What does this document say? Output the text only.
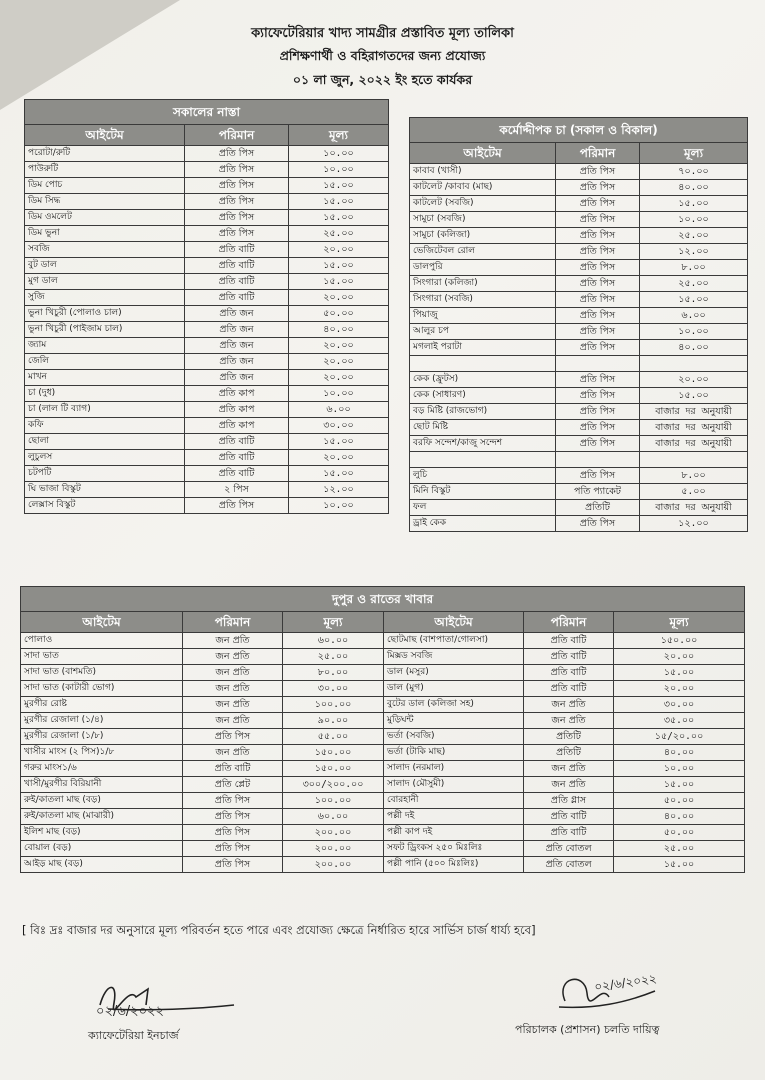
ক্যাফেটেরিয়ার খাদ্য সামগ্রীর প্রস্তাবিত মূল্য তালিকা
প্রশিক্ষণার্থী ও বহিরাগতদের জন্য প্রযোজ্য
০১ লা জুন, ২০২২ ইং হতে কার্যকর
সকালের নাস্তা		
আইটেম	পরিমান	মূল্য
পরোটা/রুটি	প্রতি পিস	১০.০০
পাউরুটি	প্রতি পিস	১০.০০
ডিম পোচ	প্রতি পিস	১৫.০০
ডিম সিদ্ধ	প্রতি পিস	১৫.০০
ডিম ওমলেট	প্রতি পিস	১৫.০০
ডিম ভুনা	প্রতি পিস	২৫.০০
সবজি	প্রতি বাটি	২০.০০
বুট ডাল	প্রতি বাটি	১৫.০০
মুগ ডাল	প্রতি বাটি	১৫.০০
সুজি	প্রতি বাটি	২০.০০
ভুনা খিচুরী (পোলাও চাল)	প্রতি জন	৫০.০০
ভুনা খিচুরী (পাইজাম চাল)	প্রতি জন	৪০.০০
জ্যাম	প্রতি জন	২০.০০
জেলি	প্রতি জন	২০.০০
মাখন	প্রতি জন	২০.০০
চা (দুধ)	প্রতি কাপ	১০.০০
চা (লাল টি ব্যাগ)	প্রতি কাপ	৬.০০
কফি	প্রতি কাপ	৩০.০০
ছোলা	প্রতি বাটি	১৫.০০
লুচুলস	প্রতি বাটি	২০.০০
চটপটি	প্রতি বাটি	১৫.০০
ঘি ভাজা বিস্কুট	২ পিস	১২.০০
লেক্সাস বিস্কুট	প্রতি পিস	১০.০০
কর্মোদ্দীপক চা (সকাল ও বিকাল)		
আইটেম	পরিমান	মূল্য
কাবাব (খাসী)	প্রতি পিস	৭০.০০
কাটলেট /কাবাব (মাছ)	প্রতি পিস	৪০.০০
কাটলেট (সবজি)	প্রতি পিস	১৫.০০
সামুচা (সবজি)	প্রতি পিস	১০.০০
সামুচা (কলিজা)	প্রতি পিস	২৫.০০
ভেজিটেবল রোল	প্রতি পিস	১২.০০
ডালপুরি	প্রতি পিস	৮.০০
সিংগারা (কলিজা)	প্রতি পিস	২৫.০০
সিংগারা (সবজি)	প্রতি পিস	১৫.০০
পিয়াজু	প্রতি পিস	৬.০০
আলুর চপ	প্রতি পিস	১০.০০
মগলাই পরাটা	প্রতি পিস	৪০.০০

কেক (ফ্রুটস)	প্রতি পিস	২০.০০
কেক (সাধারণ)	প্রতি পিস	১৫.০০
বড় মিষ্টি (রাজভোগ)	প্রতি পিস	বাজার দর অনুযায়ী
ছোট মিষ্টি	প্রতি পিস	বাজার দর অনুযায়ী
বরফি সন্দেশ/কাজু সন্দেশ	প্রতি পিস	বাজার দর অনুযায়ী

লুচি	প্রতি পিস	৮.০০
মিনি বিস্কুট	পতি প্যাকেট	৫.০০
ফল	প্রতিটি	বাজার দর অনুযায়ী
ড্রাই কেক	প্রতি পিস	১২.০০
দুপুর ও রাতের খাবার					
আইটেম	পরিমান	মূল্য	আইটেম	পরিমান	মূল্য
পোলাও	জন প্রতি	৬০.০০	ছোটমাছ (বাশপাতা/গোলসা)	প্রতি বাটি	১৫০.০০
সাদা ভাত	জন প্রতি	২৫.০০	মিক্সড সবজি	প্রতি বাটি	২০.০০
সাদা ভাত (বাশমতি)	জন প্রতি	৮০.০০	ডাল (মসুর)	প্রতি বাটি	১৫.০০
সাদা ভাত (কাটারী ভোগ)	জন প্রতি	৩০.০০	ডাল (মুগ)	প্রতি বাটি	২০.০০
মুরগীর রোষ্ট	জন প্রতি	১০০.০০	বুটের ডাল (কলিজা সহ)	জন প্রতি	৩০.০০
মুরগীর রেজালা (১/৪)	জন প্রতি	৯০.০০	মুড়িঘন্ট	জন প্রতি	৩৫.০০
মুরগীর রেজালা (১/৮)	প্রতি পিস	৫৫.০০	ভর্তা (সবজি)	প্রতিটি	১৫/২০.০০
খাসীর মাংস (২ পিস)১/৮	জন প্রতি	১৫০.০০	ভর্তা (টাকি মাছ)	প্রতিটি	৪০.০০
গরুর মাংস১/৬	প্রতি বাটি	১৫০.০০	সালাদ (নরমাল)	জন প্রতি	১০.০০
খাসী/মুরগীর বিরিয়ানী	প্রতি প্লেট	৩০০/২০০.০০	সালাদ (মৌসুমী)	জন প্রতি	১৫.০০
রুই/কাতলা মাছ (বড়)	প্রতি পিস	১০০.০০	বোরহানী	প্রতি গ্লাস	৫০.০০
রুই/কাতলা মাছ (মাঝারী)	প্রতি পিস	৬০.০০	পল্লী দই	প্রতি বাটি	৪০.০০
ইলিশ মাছ (বড়)	প্রতি পিস	২০০.০০	পল্লী কাপ দই	প্রতি বাটি	৫০.০০
বোয়াল (বড়)	প্রতি পিস	২০০.০০	সফট ড্রিংকস ২৫০ মিঃলিঃ	প্রতি বোতল	২৫.০০
আইড় মাছ (বড়)	প্রতি পিস	২০০.০০	পল্লী পানি (৫০০ মিঃলিঃ)	প্রতি বোতল	১৫.০০
[ বিঃ দ্রঃ বাজার দর অনুসারে মূল্য পরিবর্তন হতে পারে এবং প্রযোজ্য ক্ষেত্রে নির্ধারিত হারে সার্ভিস চার্জ ধার্য্য হবে]
০২/৬/২০২২
ক্যাফেটেরিয়া ইনচার্জ
০২/৬/২০২২
পরিচালক (প্রশাসন) চলতি দায়িত্ব
